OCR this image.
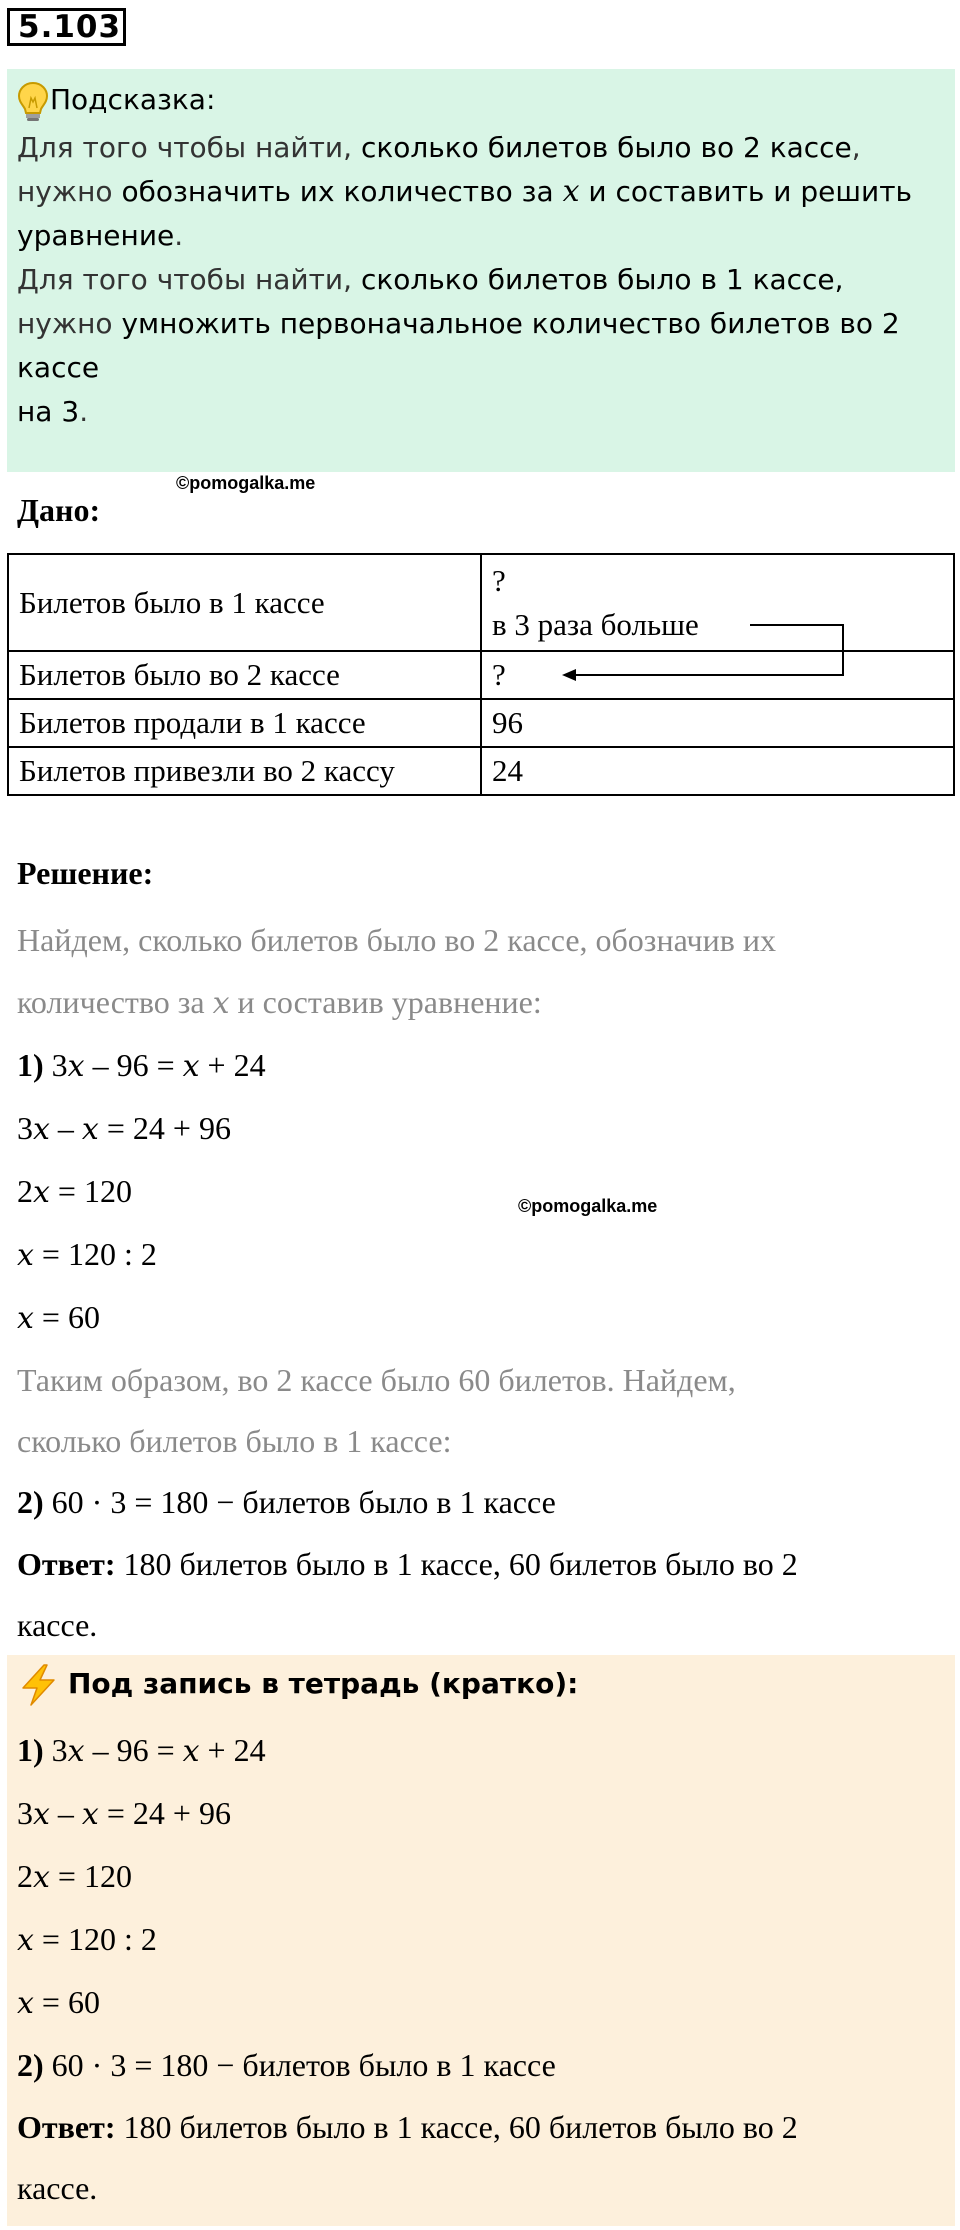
5.103
Подсказка:

Для того чтобы найти, сколько билетов было во 2 кассе,
нужно обозначить их количество за x и составить и решить
уравнение.

Для того чтобы найти, сколько билетов было в 1 кассе,
нужно умножить первоначальное количество билетов во 2
кассе
на 3.

©pomogalka.me
Дано:
Билетов было в 1 кассе	?
в 3 раза больше

Билетов было во 2 кассе	?
Билетов продали в 1 кассе	96
Билетов привезли во 2 кассу	24
Решение:
Найдем, сколько билетов было во 2 кассе, обозначив их
количество за x и составив уравнение:
1) 3x – 96 = x + 24
3x – x = 24 + 96
2x = 120	©pomogalka.me
x = 120 : 2
x = 60
Таким образом, во 2 кассе было 60 билетов. Найдем,
сколько билетов было в 1 кассе:
2) 60 · 3 = 180 − билетов было в 1 кассе
Ответ: 180 билетов было в 1 кассе, 60 билетов было во 2
кассе.
Под запись в тетрадь (кратко):
1) 3x – 96 = x + 24
3x – x = 24 + 96
2x = 120
x = 120 : 2
x = 60
2) 60 · 3 = 180 − билетов было в 1 кассе
Ответ: 180 билетов было в 1 кассе, 60 билетов было во 2
кассе.
